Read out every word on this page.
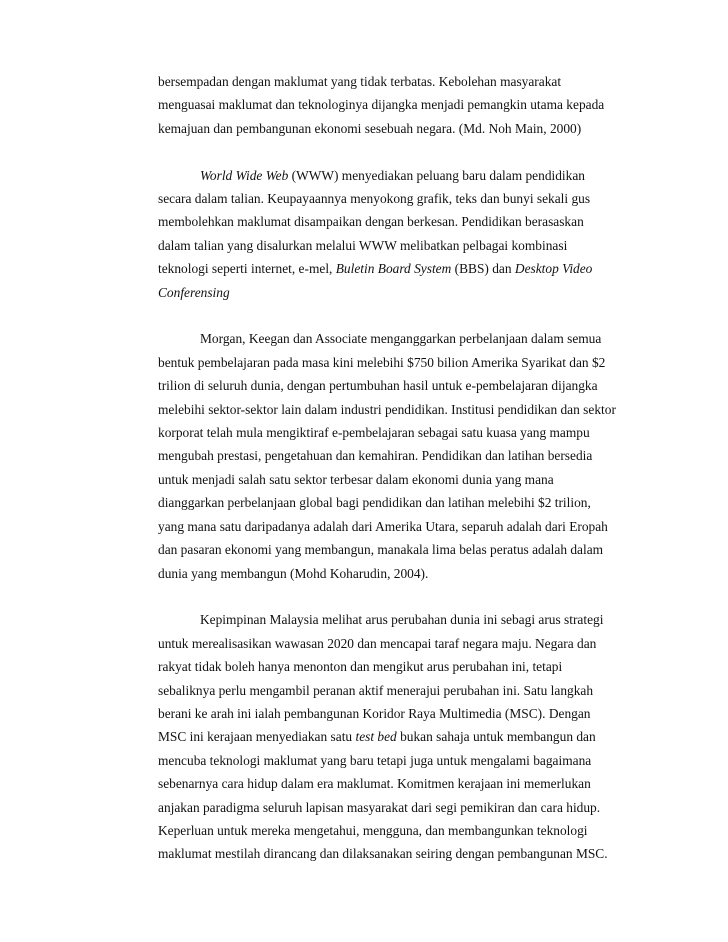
bersempadan dengan maklumat yang tidak terbatas. Kebolehan masyarakat

menguasai maklumat dan teknologinya dijangka menjadi pemangkin utama kepada

kemajuan dan pembangunan ekonomi sesebuah negara. (Md. Noh Main, 2000)

World Wide Web (WWW) menyediakan peluang baru dalam pendidikan

secara dalam talian. Keupayaannya menyokong grafik, teks dan bunyi sekali gus

membolehkan maklumat disampaikan dengan berkesan. Pendidikan berasaskan

dalam talian yang disalurkan melalui WWW melibatkan pelbagai kombinasi

teknologi seperti internet, e-mel, Buletin Board System (BBS) dan Desktop Video

Conferensing

Morgan, Keegan dan Associate menganggarkan perbelanjaan dalam semua

bentuk pembelajaran pada masa kini melebihi $750 bilion Amerika Syarikat dan $2

trilion di seluruh dunia, dengan pertumbuhan hasil untuk e-pembelajaran dijangka

melebihi sektor-sektor lain dalam industri pendidikan. Institusi pendidikan dan sektor

korporat telah mula mengiktiraf e-pembelajaran sebagai satu kuasa yang mampu

mengubah prestasi, pengetahuan dan kemahiran. Pendidikan dan latihan bersedia

untuk menjadi salah satu sektor terbesar dalam ekonomi dunia yang mana

dianggarkan perbelanjaan global bagi pendidikan dan latihan melebihi $2 trilion,

yang mana satu daripadanya adalah dari Amerika Utara, separuh adalah dari Eropah

dan pasaran ekonomi yang membangun, manakala lima belas peratus adalah dalam

dunia yang membangun (Mohd Koharudin, 2004).

Kepimpinan Malaysia melihat arus perubahan dunia ini sebagi arus strategi

untuk merealisasikan wawasan 2020 dan mencapai taraf negara maju. Negara dan

rakyat tidak boleh hanya menonton dan mengikut arus perubahan ini, tetapi

sebaliknya perlu mengambil peranan aktif menerajui perubahan ini. Satu langkah

berani ke arah ini ialah pembangunan Koridor Raya Multimedia (MSC). Dengan

MSC ini kerajaan menyediakan satu test bed bukan sahaja untuk membangun dan

mencuba teknologi maklumat yang baru tetapi juga untuk mengalami bagaimana

sebenarnya cara hidup dalam era maklumat. Komitmen kerajaan ini memerlukan

anjakan paradigma seluruh lapisan masyarakat dari segi pemikiran dan cara hidup.

Keperluan untuk mereka mengetahui, mengguna, dan membangunkan teknologi

maklumat mestilah dirancang dan dilaksanakan seiring dengan pembangunan MSC.
